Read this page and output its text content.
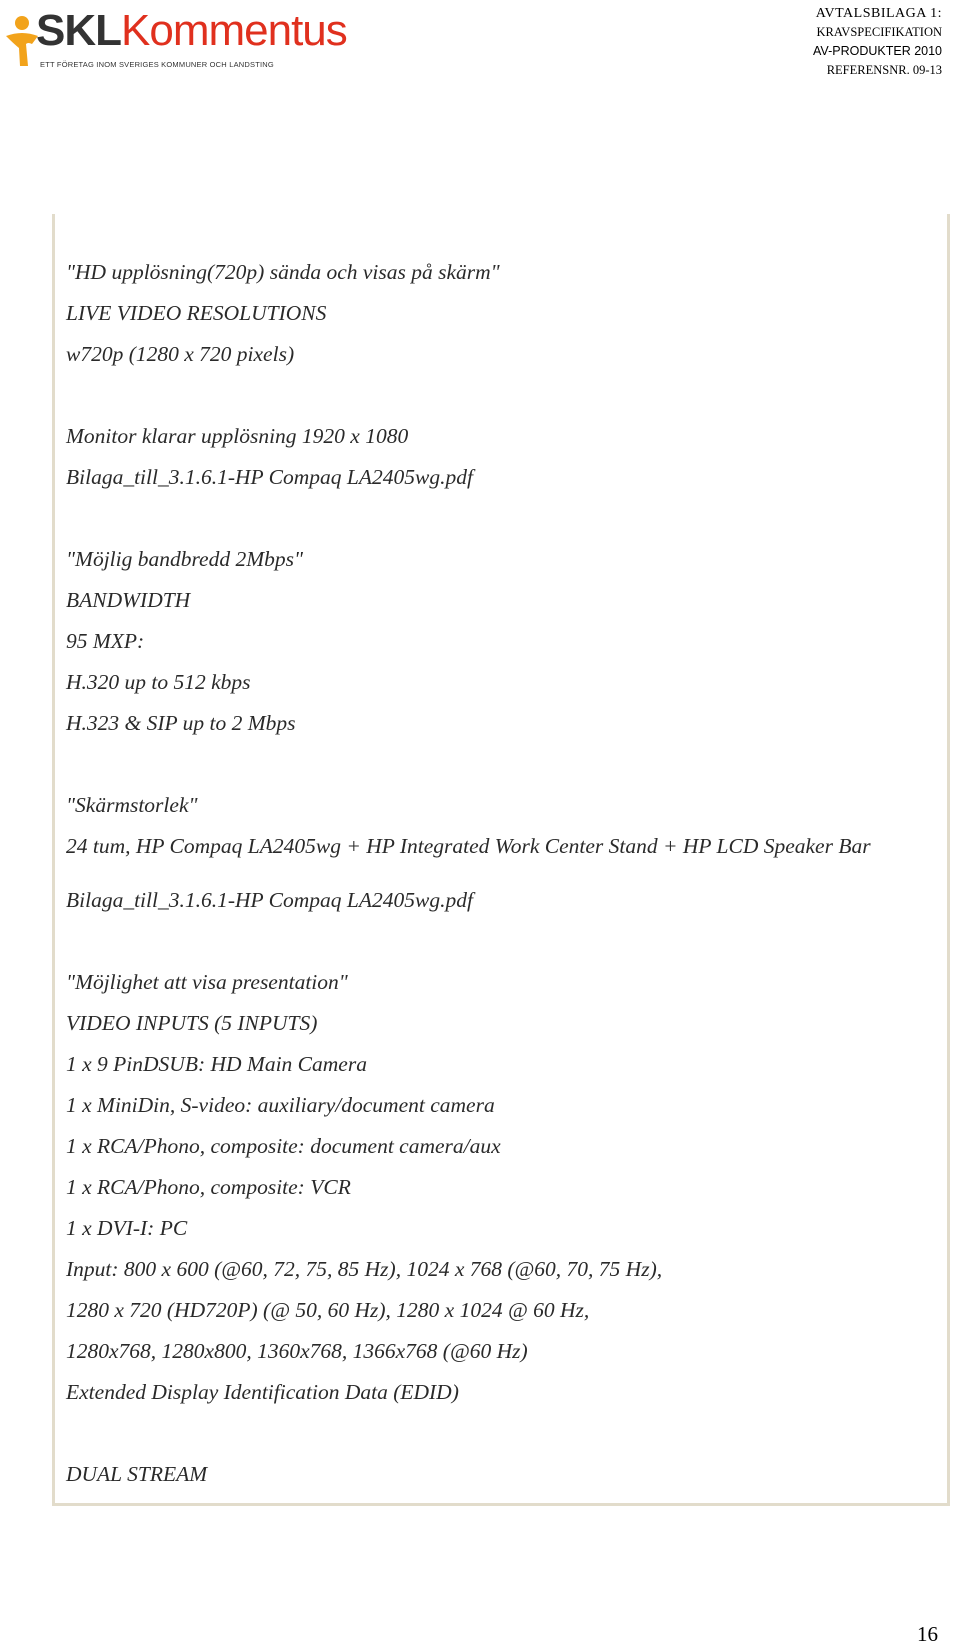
SKLKommentus
ETT FÖRETAG INOM SVERIGES KOMMUNER OCH LANDSTING
AVTALSBILAGA 1:
KRAVSPECIFIKATION
AV-PRODUKTER 2010
REFERENSNR. 09-13
"HD upplösning(720p) sända och visas på skärm"
LIVE VIDEO RESOLUTIONS
w720p (1280 x 720 pixels)
Monitor klarar upplösning 1920 x 1080
Bilaga_till_3.1.6.1-HP Compaq LA2405wg.pdf
"Möjlig bandbredd 2Mbps"
BANDWIDTH
95 MXP:
H.320 up to 512 kbps
H.323 & SIP up to 2 Mbps
"Skärmstorlek"
24 tum, HP Compaq LA2405wg + HP Integrated Work Center Stand + HP LCD Speaker Bar
Bilaga_till_3.1.6.1-HP Compaq LA2405wg.pdf
"Möjlighet att visa presentation"
VIDEO INPUTS (5 INPUTS)
1 x 9 PinDSUB: HD Main Camera
1 x MiniDin, S-video: auxiliary/document camera
1 x RCA/Phono, composite: document camera/aux
1 x RCA/Phono, composite: VCR
1 x DVI-I: PC
Input: 800 x 600 (@60, 72, 75, 85 Hz), 1024 x 768 (@60, 70, 75 Hz),
1280 x 720 (HD720P) (@ 50, 60 Hz), 1280 x 1024 @ 60 Hz,
1280x768, 1280x800, 1360x768, 1366x768 (@60 Hz)
Extended Display Identification Data (EDID)
DUAL STREAM
16
